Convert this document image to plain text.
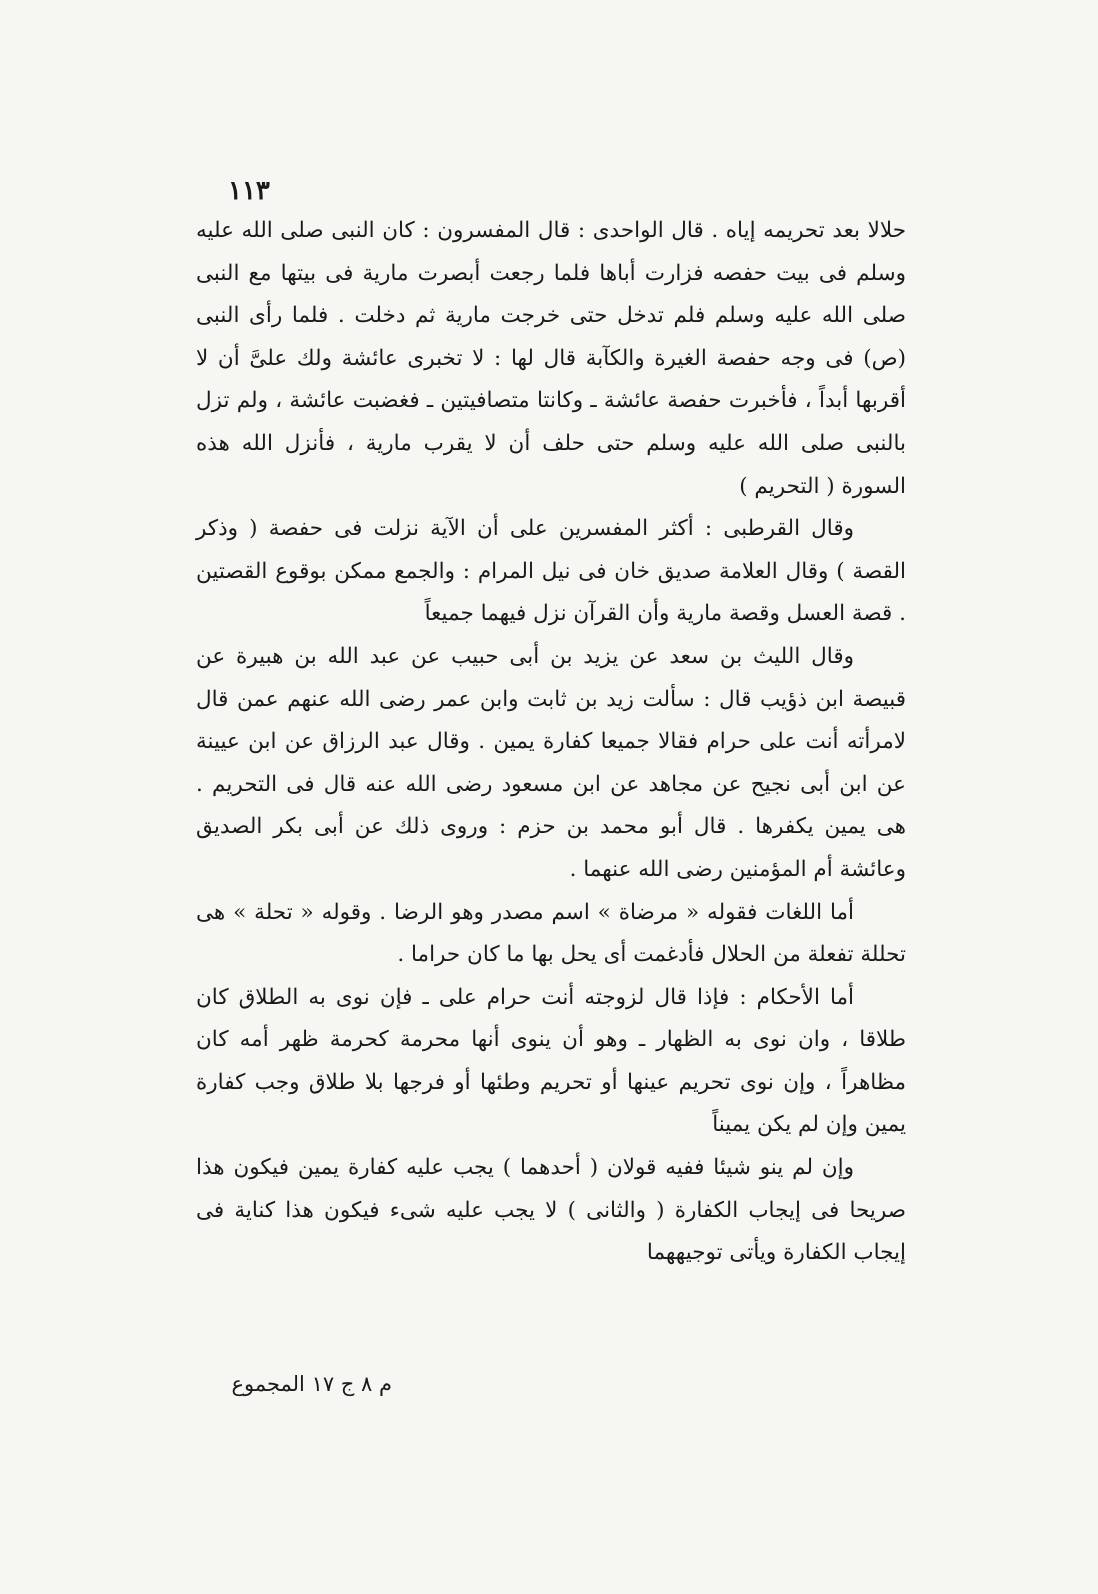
١١٣

حلالا بعد تحريمه إياه . قال الواحدى : قال المفسرون : كان النبى صلى الله عليه وسلم فى بيت حفصه فزارت أباها فلما رجعت أبصرت مارية فى بيتها مع النبى صلى الله عليه وسلم فلم تدخل حتى خرجت مارية ثم دخلت . فلما رأى النبى (ص) فى وجه حفصة الغيرة والكآبة قال لها : لا تخبرى عائشة ولك علىَّ أن لا أقربها أبداً ، فأخبرت حفصة عائشة ـ وكانتا متصافيتين ـ فغضبت عائشة ، ولم تزل بالنبى صلى الله عليه وسلم حتى حلف أن لا يقرب مارية ، فأنزل الله هذه السورة ( التحريم )

وقال القرطبى : أكثر المفسرين على أن الآية نزلت فى حفصة ( وذكر القصة ) وقال العلامة صديق خان فى نيل المرام : والجمع ممكن بوقوع القصتين . قصة العسل وقصة مارية وأن القرآن نزل فيهما جميعاً

وقال الليث بن سعد عن يزيد بن أبى حبيب عن عبد الله بن هبيرة عن قبيصة ابن ذؤيب قال : سألت زيد بن ثابت وابن عمر رضى الله عنهم عمن قال لامرأته أنت على حرام فقالا جميعا كفارة يمين . وقال عبد الرزاق عن ابن عيينة عن ابن أبى نجيح عن مجاهد عن ابن مسعود رضى الله عنه قال فى التحريم . هى يمين يكفرها . قال أبو محمد بن حزم : وروى ذلك عن أبى بكر الصديق وعائشة أم المؤمنين رضى الله عنهما .

أما اللغات فقوله « مرضاة » اسم مصدر وهو الرضا . وقوله « تحلة » هى تحللة تفعلة من الحلال فأدغمت أى يحل بها ما كان حراما .

أما الأحكام : فإذا قال لزوجته أنت حرام على ـ فإن نوى به الطلاق كان طلاقا ، وان نوى به الظهار ـ وهو أن ينوى أنها محرمة كحرمة ظهر أمه كان مظاهراً ، وإن نوى تحريم عينها أو تحريم وطئها أو فرجها بلا طلاق وجب كفارة يمين وإن لم يكن يميناً

وإن لم ينو شيئا ففيه قولان ( أحدهما ) يجب عليه كفارة يمين فيكون هذا صريحا فى إيجاب الكفارة ( والثانى ) لا يجب عليه شىء فيكون هذا كناية فى إيجاب الكفارة ويأتى توجيههما

م ٨ ج ١٧ المجموع
